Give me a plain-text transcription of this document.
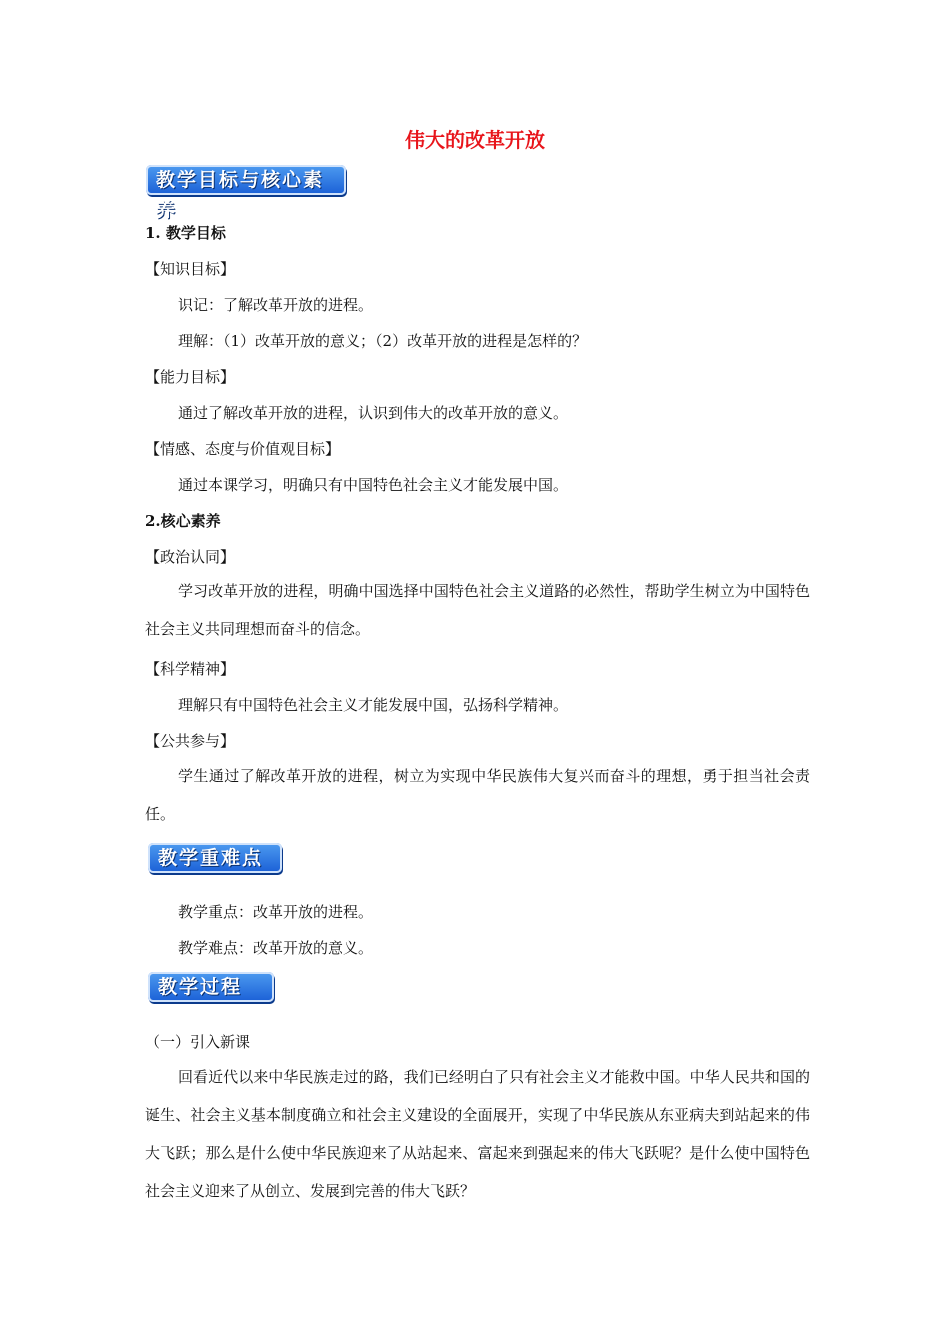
伟大的改革开放
教学目标与核心素养
1. 教学目标
【知识目标】
识记：了解改革开放的进程。
理解：（1）改革开放的意义；（2）改革开放的进程是怎样的？
【能力目标】
通过了解改革开放的进程，认识到伟大的改革开放的意义。
【情感、态度与价值观目标】
通过本课学习，明确只有中国特色社会主义才能发展中国。
2.核心素养
【政治认同】
学习改革开放的进程，明确中国选择中国特色社会主义道路的必然性，帮助学生树立为中国特色社会主义共同理想而奋斗的信念。
【科学精神】
理解只有中国特色社会主义才能发展中国，弘扬科学精神。
【公共参与】
学生通过了解改革开放的进程，树立为实现中华民族伟大复兴而奋斗的理想，勇于担当社会责任。
教学重难点
教学重点：改革开放的进程。
教学难点：改革开放的意义。
教学过程
（一）引入新课
回看近代以来中华民族走过的路，我们已经明白了只有社会主义才能救中国。中华人民共和国的诞生、社会主义基本制度确立和社会主义建设的全面展开，实现了中华民族从东亚病夫到站起来的伟大飞跃；那么是什么使中华民族迎来了从站起来、富起来到强起来的伟大飞跃呢？是什么使中国特色社会主义迎来了从创立、发展到完善的伟大飞跃？
